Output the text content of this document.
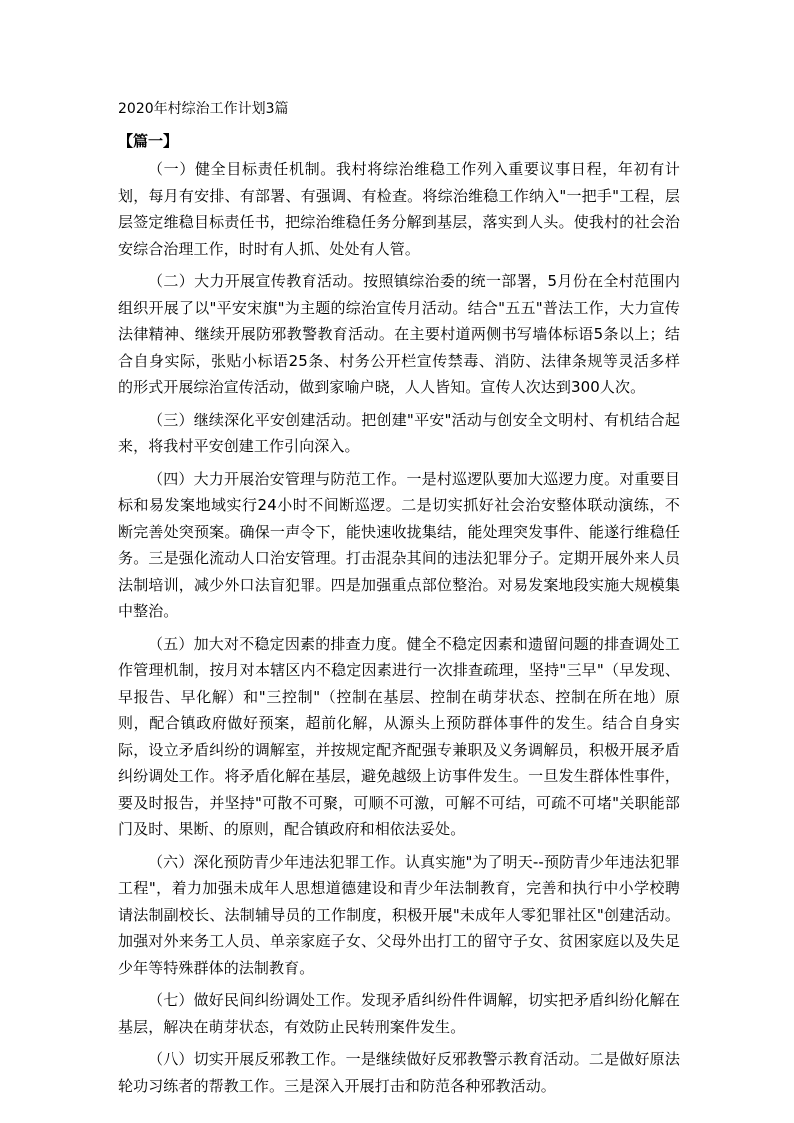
2020年村综治工作计划3篇
【篇一】

（一）健全目标责任机制。我村将综治维稳工作列入重要议事日程，年初有计划，每月有安排、有部署、有强调、有检查。将综治维稳工作纳入"一把手"工程，层层签定维稳目标责任书，把综治维稳任务分解到基层，落实到人头。使我村的社会治安综合治理工作，时时有人抓、处处有人管。

（二）大力开展宣传教育活动。按照镇综治委的统一部署，5月份在全村范围内组织开展了以"平安宋旗"为主题的综治宣传月活动。结合"五五"普法工作，大力宣传法律精神、继续开展防邪教警教育活动。在主要村道两侧书写墙体标语5条以上；结合自身实际，张贴小标语25条、村务公开栏宣传禁毒、消防、法律条规等灵活多样的形式开展综治宣传活动，做到家喻户晓，人人皆知。宣传人次达到300人次。

（三）继续深化平安创建活动。把创建"平安"活动与创安全文明村、有机结合起来，将我村平安创建工作引向深入。

（四）大力开展治安管理与防范工作。一是村巡逻队要加大巡逻力度。对重要目标和易发案地域实行24小时不间断巡逻。二是切实抓好社会治安整体联动演练，不断完善处突预案。确保一声令下，能快速收拢集结，能处理突发事件、能遂行维稳任务。三是强化流动人口治安管理。打击混杂其间的违法犯罪分子。定期开展外来人员法制培训，减少外口法盲犯罪。四是加强重点部位整治。对易发案地段实施大规模集中整治。

（五）加大对不稳定因素的排查力度。健全不稳定因素和遗留问题的排查调处工作管理机制，按月对本辖区内不稳定因素进行一次排查疏理，坚持"三早"（早发现、早报告、早化解）和"三控制"（控制在基层、控制在萌芽状态、控制在所在地）原则，配合镇政府做好预案，超前化解，从源头上预防群体事件的发生。结合自身实际，设立矛盾纠纷的调解室，并按规定配齐配强专兼职及义务调解员，积极开展矛盾纠纷调处工作。将矛盾化解在基层，避免越级上访事件发生。一旦发生群体性事件，要及时报告，并坚持"可散不可聚，可顺不可激，可解不可结，可疏不可堵"关职能部门及时、果断、的原则，配合镇政府和相依法妥处。

（六）深化预防青少年违法犯罪工作。认真实施"为了明天--预防青少年违法犯罪工程"，着力加强未成年人思想道德建设和青少年法制教育，完善和执行中小学校聘请法制副校长、法制辅导员的工作制度，积极开展"未成年人零犯罪社区"创建活动。加强对外来务工人员、单亲家庭子女、父母外出打工的留守子女、贫困家庭以及失足少年等特殊群体的法制教育。

（七）做好民间纠纷调处工作。发现矛盾纠纷件件调解，切实把矛盾纠纷化解在基层，解决在萌芽状态，有效防止民转刑案件发生。

（八）切实开展反邪教工作。一是继续做好反邪教警示教育活动。二是做好原法轮功习练者的帮教工作。三是深入开展打击和防范各种邪教活动。
